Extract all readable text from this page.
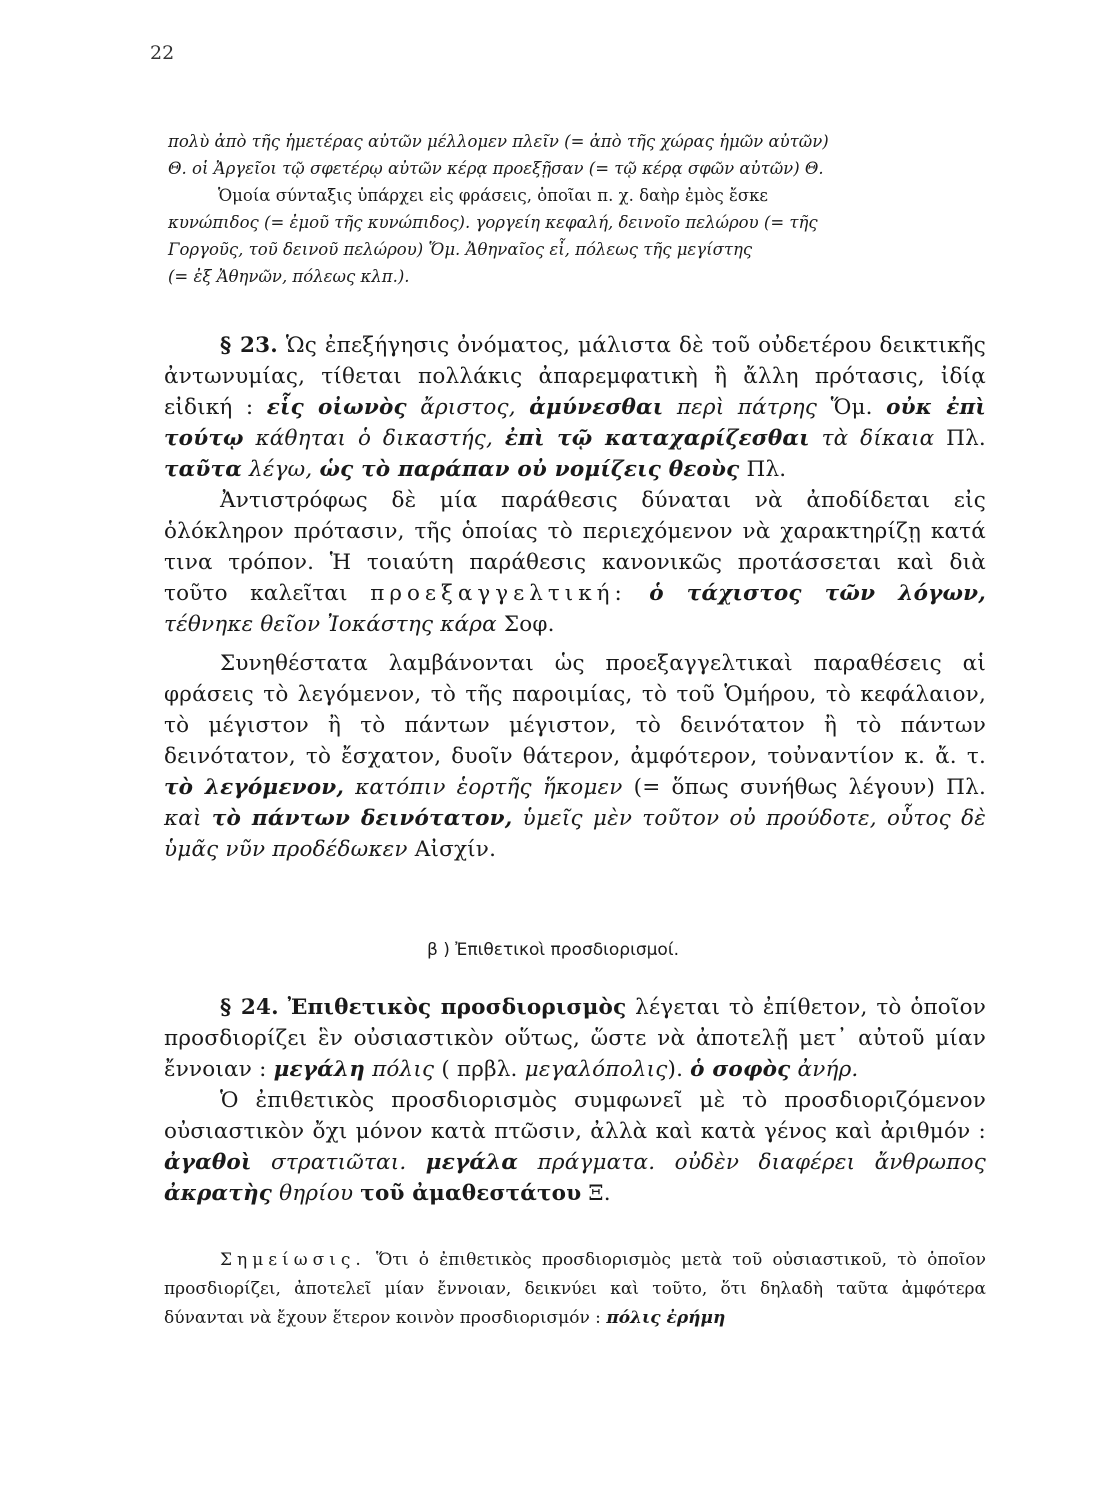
22
πολὺ ἀπὸ τῆς ἡμετέρας αὐτῶν μέλλομεν πλεῖν (= ἀπὸ τῆς χώρας ἡμῶν αὐτῶν)
Θ. οἱ Ἀργεῖοι τῷ σφετέρῳ αὐτῶν κέρᾳ προεξῇσαν (= τῷ κέρᾳ σφῶν αὐτῶν) Θ.
Ὁμοία σύνταξις ὑπάρχει εἰς φράσεις, ὁποῖαι π. χ. δαὴρ ἐμὸς ἔσκε
κυνώπιδος (= ἐμοῦ τῆς κυνώπιδος). γοργείη κεφαλή, δεινοῖο πελώρου (= τῆς
Γοργοῦς, τοῦ δεινοῦ πελώρου) Ὅμ. Ἀθηναῖος εἶ, πόλεως τῆς μεγίστης
(= ἐξ Ἀθηνῶν, πόλεως κλπ.).

§ 23. Ὡς ἐπεξήγησις ὀνόματος, μάλιστα δὲ τοῦ οὐδετέρου δεικτικῆς ἀντωνυμίας, τίθεται πολλάκις ἀπαρεμφατικὴ ἢ ἄλλη πρότασις, ἰδίᾳ εἰδική : εἷς οἰωνὸς ἄριστος, ἀμύνεσθαι περὶ πάτρης Ὅμ. οὐκ ἐπὶ τούτῳ κάθηται ὁ δικαστής, ἐπὶ τῷ καταχαρίζεσθαι τὰ δίκαια Πλ. ταῦτα λέγω, ὡς τὸ παράπαν οὐ νομίζεις θεοὺς Πλ.

Ἀντιστρόφως δὲ μία παράθεσις δύναται νὰ ἀποδίδεται εἰς ὁλόκληρον πρότασιν, τῆς ὁποίας τὸ περιεχόμενον νὰ χαρακτηρίζῃ κατά τινα τρόπον. Ἡ τοιαύτη παράθεσις κανονικῶς προτάσσεται καὶ διὰ τοῦτο καλεῖται προεξαγγελτική: ὁ τάχιστος τῶν λόγων, τέθνηκε θεῖον Ἰοκάστης κάρα Σοφ.

Συνηθέστατα λαμβάνονται ὡς προεξαγγελτικαὶ παραθέσεις αἱ φράσεις τὸ λεγόμενον, τὸ τῆς παροιμίας, τὸ τοῦ Ὁμήρου, τὸ κεφάλαιον, τὸ μέγιστον ἢ τὸ πάντων μέγιστον, τὸ δεινότατον ἢ τὸ πάντων δεινότατον, τὸ ἔσχατον, δυοῖν θάτερον, ἀμφότερον, τοὐναντίον κ. ἄ. τ. τὸ λεγόμενον, κατόπιν ἑορτῆς ἥκομεν (= ὅπως συνήθως λέγουν) Πλ. καὶ τὸ πάντων δεινότατον, ὑμεῖς μὲν τοῦτον οὐ προύδοτε, οὗτος δὲ ὑμᾶς νῦν προδέδωκεν Αἰσχίν.

β ) Ἐπιθετικοὶ προσδιορισμοί.

§ 24. Ἐπιθετικὸς προσδιορισμὸς λέγεται τὸ ἐπίθετον, τὸ ὁποῖον προσδιορίζει ἓν οὐσιαστικὸν οὕτως, ὥστε νὰ ἀποτελῇ μετ᾽ αὐτοῦ μίαν ἔννοιαν : μεγάλη πόλις ( πρβλ. μεγαλόπολις). ὁ σοφὸς ἀνήρ.

Ὁ ἐπιθετικὸς προσδιορισμὸς συμφωνεῖ μὲ τὸ προσδιοριζόμενον οὐσιαστικὸν ὄχι μόνον κατὰ πτῶσιν, ἀλλὰ καὶ κατὰ γένος καὶ ἀριθμόν : ἀγαθοὶ στρατιῶται. μεγάλα πράγματα. οὐδὲν διαφέρει ἄνθρωπος ἀκρατὴς θηρίου τοῦ ἀμαθεστάτου Ξ.

Σημείωσις. Ὅτι ὁ ἐπιθετικὸς προσδιορισμὸς μετὰ τοῦ οὐσιαστικοῦ, τὸ ὁποῖον προσδιορίζει, ἀποτελεῖ μίαν ἔννοιαν, δεικνύει καὶ τοῦτο, ὅτι δηλαδὴ ταῦτα ἀμφότερα δύνανται νὰ ἔχουν ἕτερον κοινὸν προσδιορισμόν : πόλις ἐρήμη
